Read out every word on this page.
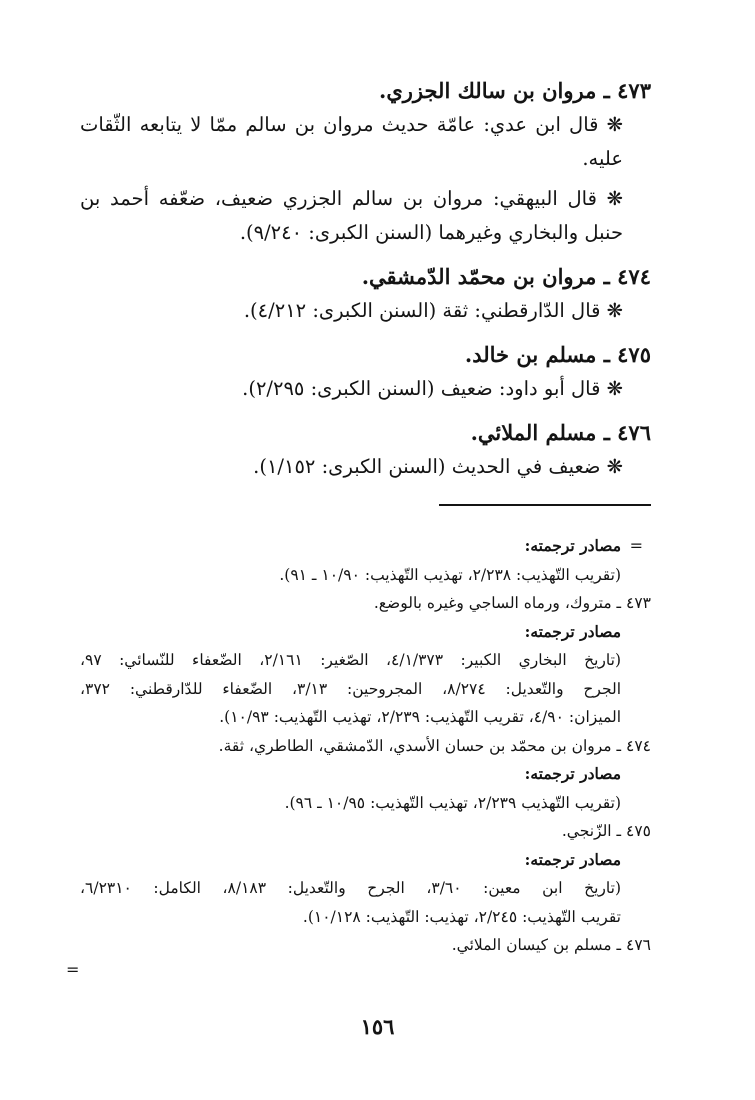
٤٧٣ ـ مروان بن سالك الجزري.

❋ قال ابن عدي: عامّة حديث مروان بن سالم ممّا لا يتابعه الثّقات

عليه.

❋ قال البيهقي: مروان بن سالم الجزري ضعيف، ضعّفه أحمد بن

حنبل والبخاري وغيرهما (السنن الكبرى: ٩/٢٤٠).

٤٧٤ ـ مروان بن محمّد الدّمشقي.

❋ قال الدّارقطني: ثقة (السنن الكبرى: ٤/٢١٢).

٤٧٥ ـ مسلم بن خالد.

❋ قال أبو داود: ضعيف (السنن الكبرى: ٢/٢٩٥).

٤٧٦ ـ مسلم الملائي.

❋ ضعيف في الحديث (السنن الكبرى: ١/١٥٢).

=

مصادر ترجمته:

(تقريب التّهذيب: ٢/٢٣٨، تهذيب التّهذيب: ١٠/٩٠ ـ ٩١).

٤٧٣ ـ متروك، ورماه الساجي وغيره بالوضع.

مصادر ترجمته:

(تاريخ البخاري الكبير: ٤/١/٣٧٣، الصّغير: ٢/١٦١، الضّعفاء للنّسائي: ٩٧،

الجرح والتّعديل: ٨/٢٧٤، المجروحين: ٣/١٣، الضّعفاء للدّارقطني: ٣٧٢،

الميزان: ٤/٩٠، تقريب التّهذيب: ٢/٢٣٩، تهذيب التّهذيب: ١٠/٩٣).

٤٧٤ ـ مروان بن محمّد بن حسان الأسدي، الدّمشقي، الطاطري، ثقة.

مصادر ترجمته:

(تقريب التّهذيب ٢/٢٣٩، تهذيب التّهذيب: ١٠/٩٥ ـ ٩٦).

٤٧٥ ـ الزّنجي.

مصادر ترجمته:

(تاريخ ابن معين: ٣/٦٠، الجرح والتّعديل: ٨/١٨٣، الكامل: ٦/٢٣١٠،

تقريب التّهذيب: ٢/٢٤٥، تهذيب: التّهذيب: ١٠/١٢٨).

٤٧٦ ـ مسلم بن كيسان الملائي.

=
١٥٦
